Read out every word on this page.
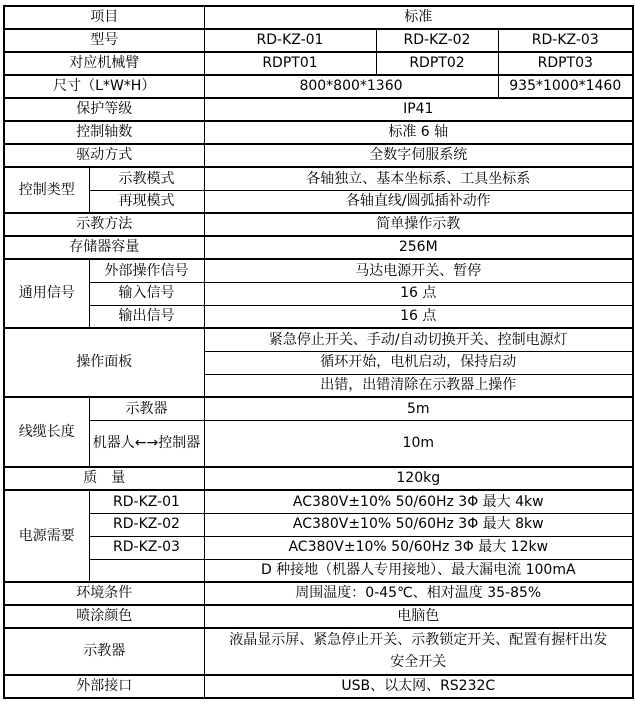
项目		标准		
型号		RD-KZ-01	RD-KZ-02	RD-KZ-03
对应机械臂		RDPT01	RDPT02	RDPT03
尺寸（L*W*H）		800*800*1360		935*1000*1460
保护等级		IP41		
控制轴数		标准 6 轴		
驱动方式		全数字伺服系统		
控制类型	示教模式	各轴独立、基本坐标系、工具坐标系		
	再现模式	各轴直线/圆弧插补动作		
示教方法		简单操作示教		
存储器容量		256M		
通用信号	外部操作信号	马达电源开关、暂停		
	输入信号	16 点		
	输出信号	16 点		
操作面板		紧急停止开关、手动/自动切换开关、控制电源灯		
		循环开始，电机启动，保持启动		
		出错，出错清除在示教器上操作		
线缆长度	示教器	5m		
	机器人←→控制器	10m		
质　量		120kg		
电源需要	RD-KZ-01	AC380V±10% 50/60Hz 3Φ 最大 4kw		
	RD-KZ-02	AC380V±10% 50/60Hz 3Φ 最大 8kw		
	RD-KZ-03	AC380V±10% 50/60Hz 3Φ 最大 12kw		
		D 种接地（机器人专用接地）、最大漏电流 100mA		
环境条件		周围温度：0-45℃、相对温度 35-85%		
喷涂颜色		电脑色		
示教器		液晶显示屏、紧急停止开关、示教锁定开关、配置有握杆出发
安全开关		

外部接口		USB、以太网、RS232C		
